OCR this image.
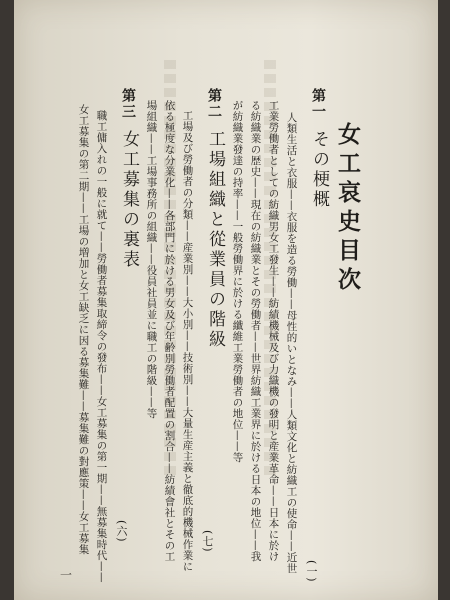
女工哀史目次
第一
その梗概
人類生活と衣服——衣服を造る勞働——母性的いとなみ——人類文化と紡織工の使命——近世
工業勞働者としての紡織男女工發生——紡績機械及び力織機の發明と産業革命——日本に於け
る紡織業の歴史——現在の紡織業とその勞働者——世界紡織工業界に於ける日本の地位——我
が紡織業發達の持率——一般勞働界に於ける纖維工業勞働者の地位——等
(一)
第二
工場組織と從業員の階級
工場及び勞働者の分類——産業別——大小別——技術別——大量生産主義と徹底的機械作業に
依る極度な分業化——各部門に於ける男女及び年齢別勞働者配置の割合——紡績會社とその工
場組織——工場事務所の組織——役員社員並に職工の階級——等
(七)
第三
女工募集の裏表
職工傭入れの一般に就て——勞働者募集取締令の發布——女工募集の第一期——無募集時代——
女工募集の第二期——工場の増加と女工缺乏に因る募集難——募集難の對應策——女工募集 (六)
一
